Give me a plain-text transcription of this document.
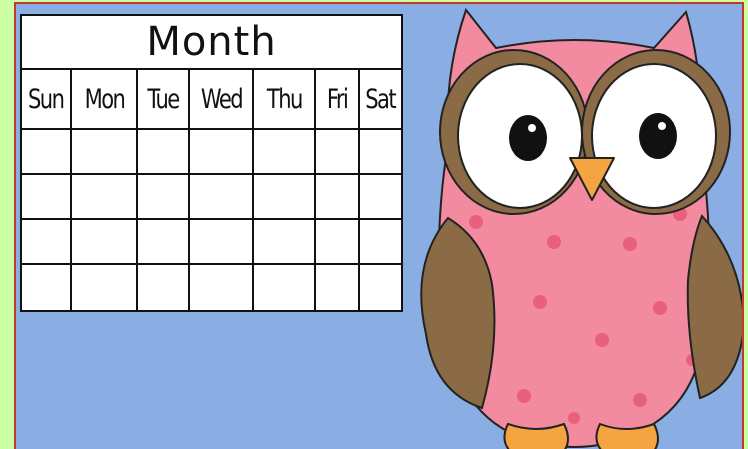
Month
Sun Mon Tue Wed Thu Fri Sat
